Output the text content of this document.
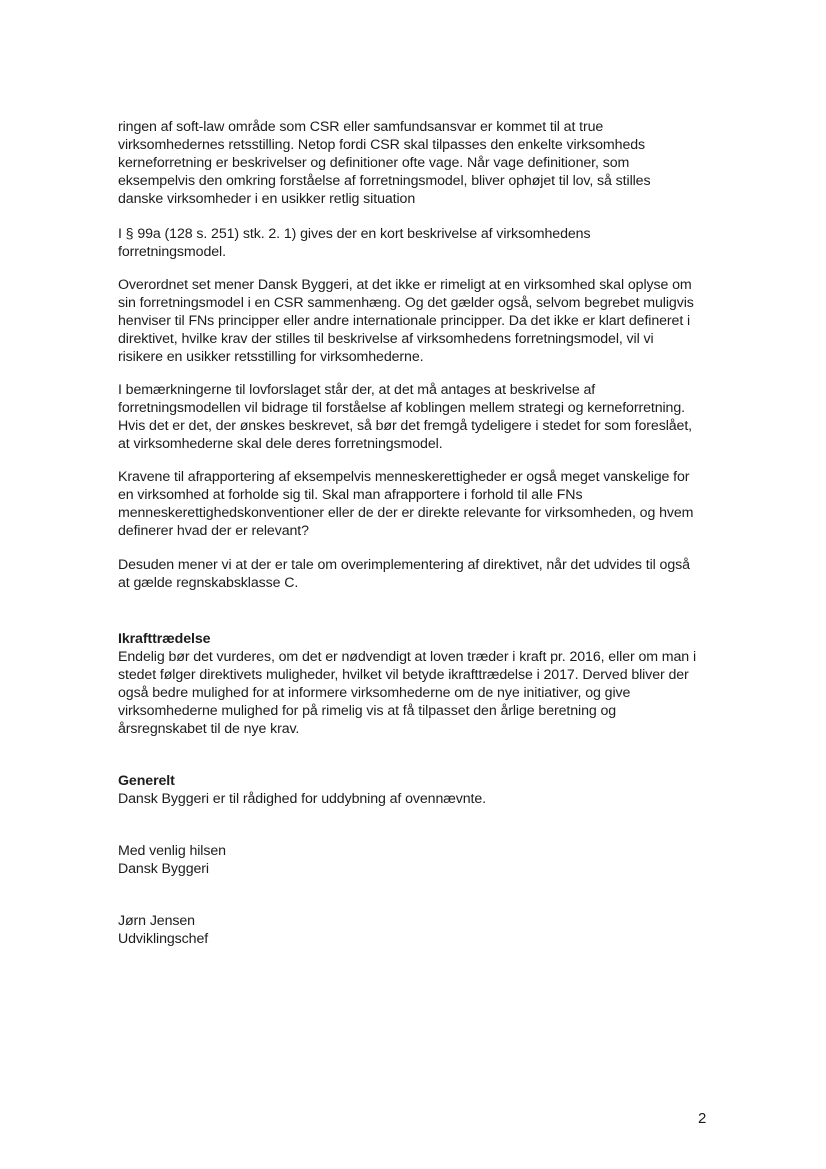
ringen af soft-law område som CSR eller samfundsansvar er kommet til at true virksomhedernes retsstilling. Netop fordi CSR skal tilpasses den enkelte virksomheds kerneforretning er beskrivelser og definitioner ofte vage. Når vage definitioner, som eksempelvis den omkring forståelse af forretningsmodel, bliver ophøjet til lov, så stilles danske virksomheder i en usikker retlig situation

I § 99a (128 s. 251) stk. 2. 1) gives der en kort beskrivelse af virksomhedens forretningsmodel.

Overordnet set mener Dansk Byggeri, at det ikke er rimeligt at en virksomhed skal oplyse om sin forretningsmodel i en CSR sammenhæng. Og det gælder også, selvom begrebet muligvis henviser til FNs principper eller andre internationale principper. Da det ikke er klart defineret i direktivet, hvilke krav der stilles til beskrivelse af virksomhedens forretningsmodel, vil vi risikere en usikker retsstilling for virksomhederne.

I bemærkningerne til lovforslaget står der, at det må antages at beskrivelse af forretningsmodellen vil bidrage til forståelse af koblingen mellem strategi og kerneforretning. Hvis det er det, der ønskes beskrevet, så bør det fremgå tydeligere i stedet for som foreslået, at virksomhederne skal dele deres forretningsmodel.

Kravene til afrapportering af eksempelvis menneskerettigheder er også meget vanskelige for en virksomhed at forholde sig til. Skal man afrapportere i forhold til alle FNs menneskerettighedskonventioner eller de der er direkte relevante for virksomheden, og hvem definerer hvad der er relevant?

Desuden mener vi at der er tale om overimplementering af direktivet, når det udvides til også at gælde regnskabsklasse C.

Ikrafttrædelse

Endelig bør det vurderes, om det er nødvendigt at loven træder i kraft pr. 2016, eller om man i stedet følger direktivets muligheder, hvilket vil betyde ikrafttrædelse i 2017. Derved bliver der også bedre mulighed for at informere virksomhederne om de nye initiativer, og give virksomhederne mulighed for på rimelig vis at få tilpasset den årlige beretning og årsregnskabet til de nye krav.

Generelt

Dansk Byggeri er til rådighed for uddybning af ovennævnte.

Med venlig hilsen

Dansk Byggeri

Jørn Jensen

Udviklingschef

2
